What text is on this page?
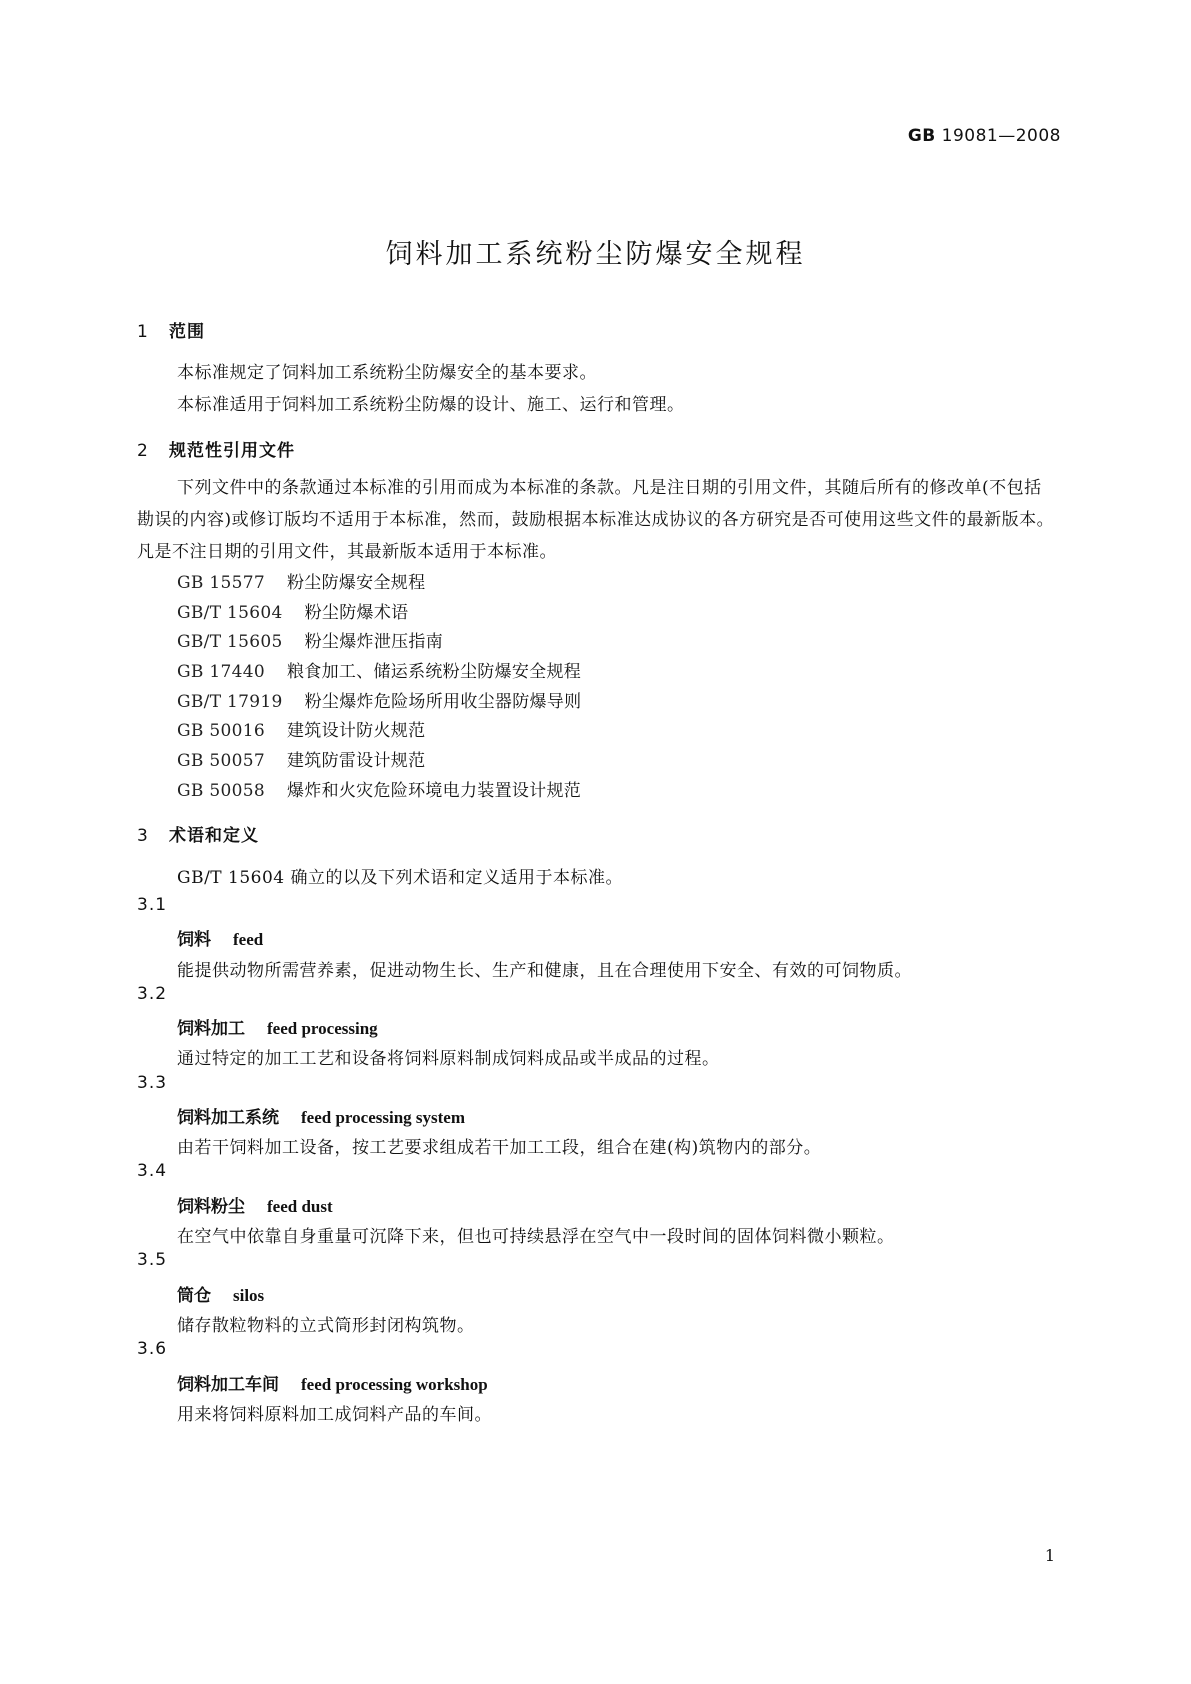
GB 19081—2008
饲料加工系统粉尘防爆安全规程
1 范围
本标准规定了饲料加工系统粉尘防爆安全的基本要求。
本标准适用于饲料加工系统粉尘防爆的设计、施工、运行和管理。
2 规范性引用文件
下列文件中的条款通过本标准的引用而成为本标准的条款。凡是注日期的引用文件，其随后所有的修改单(不包括勘误的内容)或修订版均不适用于本标准，然而，鼓励根据本标准达成协议的各方研究是否可使用这些文件的最新版本。凡是不注日期的引用文件，其最新版本适用于本标准。
GB 15577 粉尘防爆安全规程
GB/T 15604 粉尘防爆术语
GB/T 15605 粉尘爆炸泄压指南
GB 17440 粮食加工、储运系统粉尘防爆安全规程
GB/T 17919 粉尘爆炸危险场所用收尘器防爆导则
GB 50016 建筑设计防火规范
GB 50057 建筑防雷设计规范
GB 50058 爆炸和火灾危险环境电力装置设计规范
3 术语和定义
GB/T 15604 确立的以及下列术语和定义适用于本标准。
3.1
饲料 feed
能提供动物所需营养素，促进动物生长、生产和健康，且在合理使用下安全、有效的可饲物质。
3.2
饲料加工 feed processing
通过特定的加工工艺和设备将饲料原料制成饲料成品或半成品的过程。
3.3
饲料加工系统 feed processing system
由若干饲料加工设备，按工艺要求组成若干加工工段，组合在建(构)筑物内的部分。
3.4
饲料粉尘 feed dust
在空气中依靠自身重量可沉降下来，但也可持续悬浮在空气中一段时间的固体饲料微小颗粒。
3.5
筒仓 silos
储存散粒物料的立式筒形封闭构筑物。
3.6
饲料加工车间 feed processing workshop
用来将饲料原料加工成饲料产品的车间。
1
